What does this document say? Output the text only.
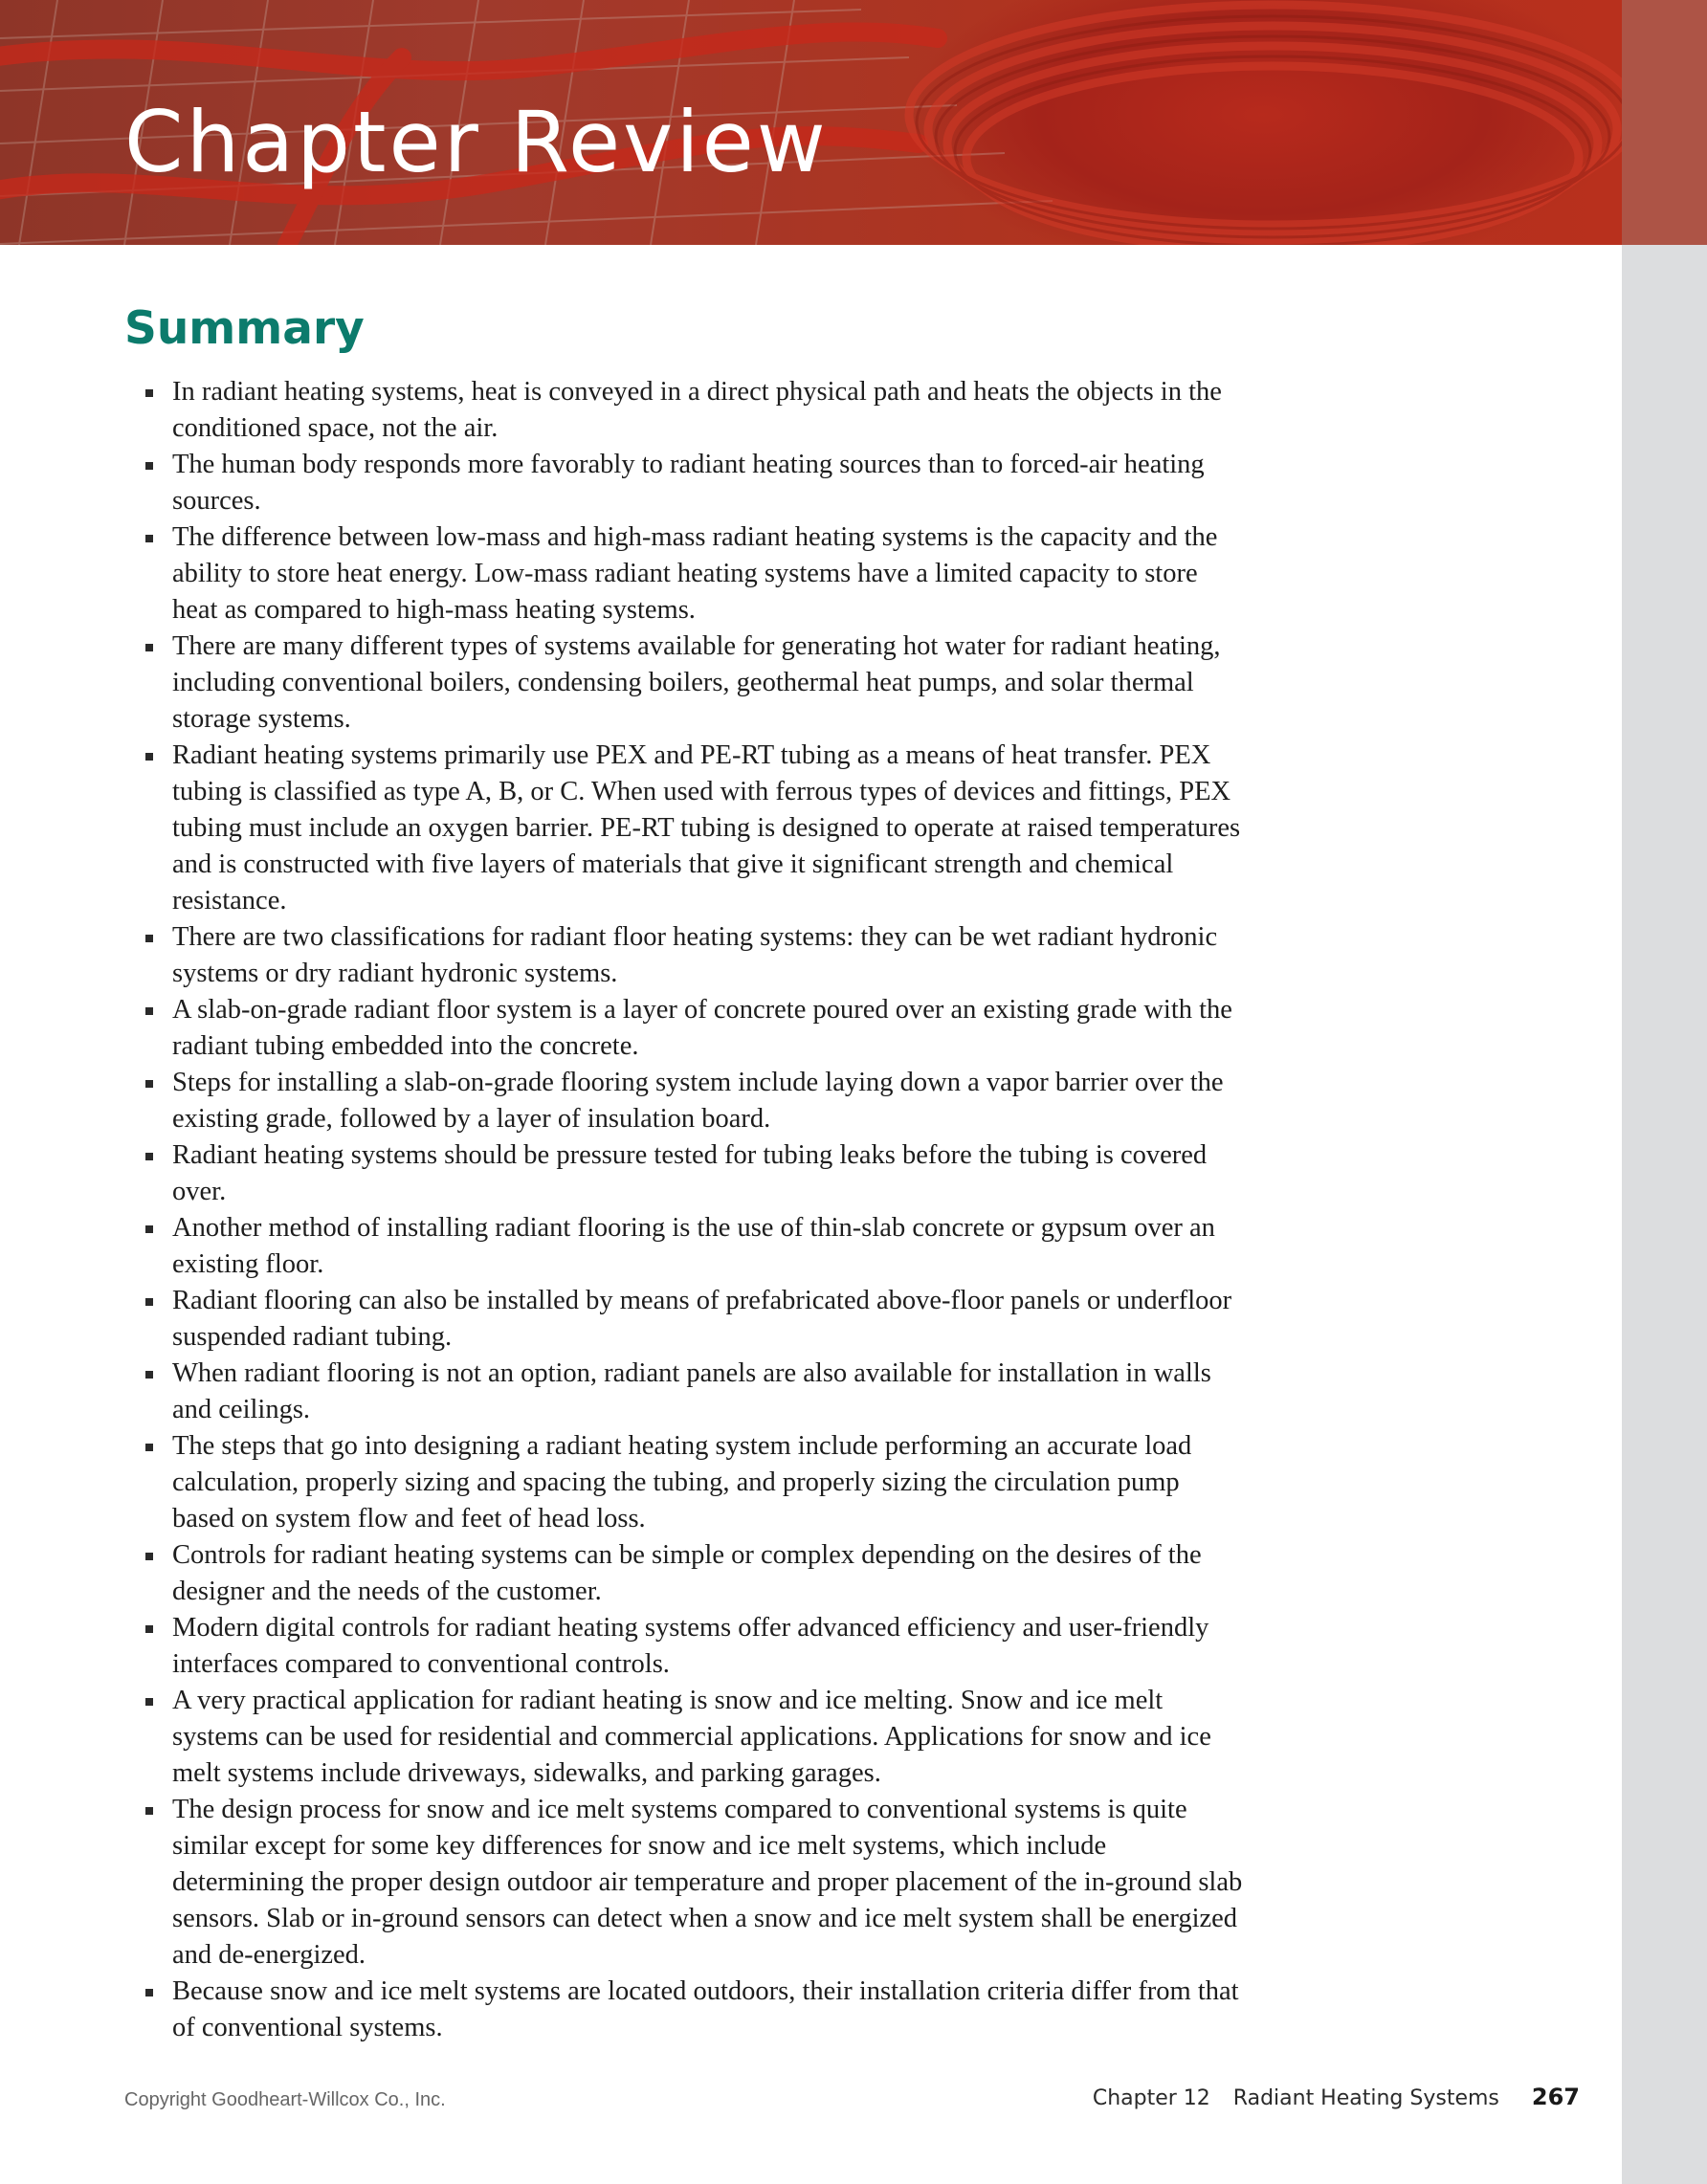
Chapter Review
Summary
In radiant heating systems, heat is conveyed in a direct physical path and heats the objects in the conditioned space, not the air.
The human body responds more favorably to radiant heating sources than to forced-air heating sources.
The difference between low-mass and high-mass radiant heating systems is the capacity and the ability to store heat energy. Low-mass radiant heating systems have a limited capacity to store heat as compared to high-mass heating systems.
There are many different types of systems available for generating hot water for radiant heating, including conventional boilers, condensing boilers, geothermal heat pumps, and solar thermal storage systems.
Radiant heating systems primarily use PEX and PE-RT tubing as a means of heat transfer. PEX tubing is classified as type A, B, or C. When used with ferrous types of devices and fittings, PEX tubing must include an oxygen barrier. PE-RT tubing is designed to operate at raised temperatures and is constructed with five layers of materials that give it significant strength and chemical resistance.
There are two classifications for radiant floor heating systems: they can be wet radiant hydronic systems or dry radiant hydronic systems.
A slab-on-grade radiant floor system is a layer of concrete poured over an existing grade with the radiant tubing embedded into the concrete.
Steps for installing a slab-on-grade flooring system include laying down a vapor barrier over the existing grade, followed by a layer of insulation board.
Radiant heating systems should be pressure tested for tubing leaks before the tubing is covered over.
Another method of installing radiant flooring is the use of thin-slab concrete or gypsum over an existing floor.
Radiant flooring can also be installed by means of prefabricated above-floor panels or underfloor suspended radiant tubing.
When radiant flooring is not an option, radiant panels are also available for installation in walls and ceilings.
The steps that go into designing a radiant heating system include performing an accurate load calculation, properly sizing and spacing the tubing, and properly sizing the circulation pump based on system flow and feet of head loss.
Controls for radiant heating systems can be simple or complex depending on the desires of the designer and the needs of the customer.
Modern digital controls for radiant heating systems offer advanced efficiency and user-friendly interfaces compared to conventional controls.
A very practical application for radiant heating is snow and ice melting. Snow and ice melt systems can be used for residential and commercial applications. Applications for snow and ice melt systems include driveways, sidewalks, and parking garages.
The design process for snow and ice melt systems compared to conventional systems is quite similar except for some key differences for snow and ice melt systems, which include determining the proper design outdoor air temperature and proper placement of the in-ground slab sensors. Slab or in-ground sensors can detect when a snow and ice melt system shall be energized and de-energized.
Because snow and ice melt systems are located outdoors, their installation criteria differ from that of conventional systems.
Copyright Goodheart-Willcox Co., Inc.	Chapter 12 Radiant Heating Systems 267
